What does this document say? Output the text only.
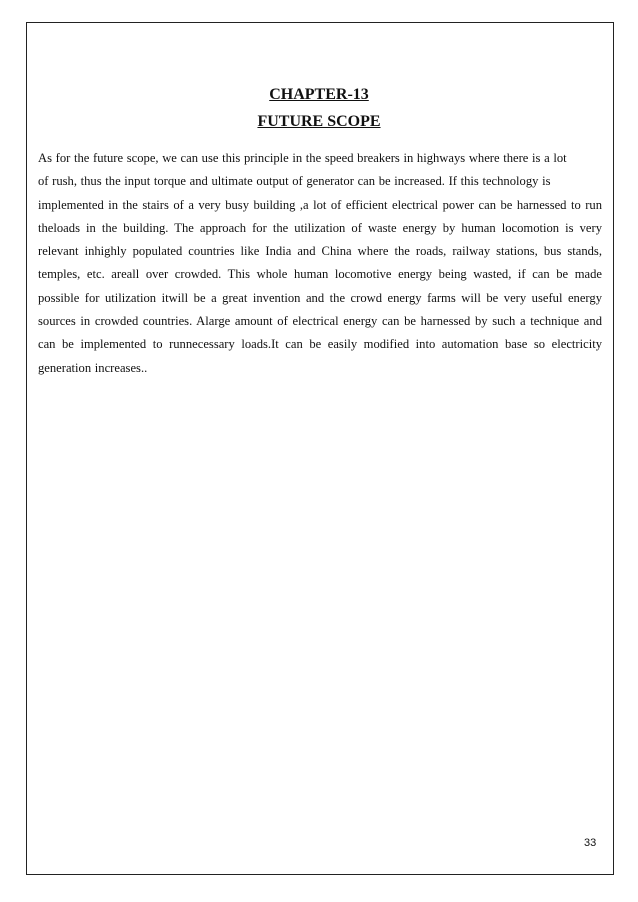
CHAPTER-13
FUTURE SCOPE
As for the future scope, we can use this principle in the speed breakers in highways where there is a lot
of rush, thus the input torque and ultimate output of generator can be increased. If this technology is
implemented in the stairs of a very busy building ,a lot of efficient electrical power can be harnessed to run
theloads in the building. The approach for the utilization of waste energy by human locomotion is very
relevant inhighly populated countries like India and China where the roads, railway stations, bus stands,
temples, etc. areall over crowded. This whole human locomotive energy being wasted, if can be made
possible for utilization itwill be a great invention and the crowd energy farms will be very useful energy
sources in crowded countries. Alarge amount of electrical energy can be harnessed by such a technique and
can be implemented to runnecessary loads.It can be easily modified into automation base so electricity
generation increases..

33
